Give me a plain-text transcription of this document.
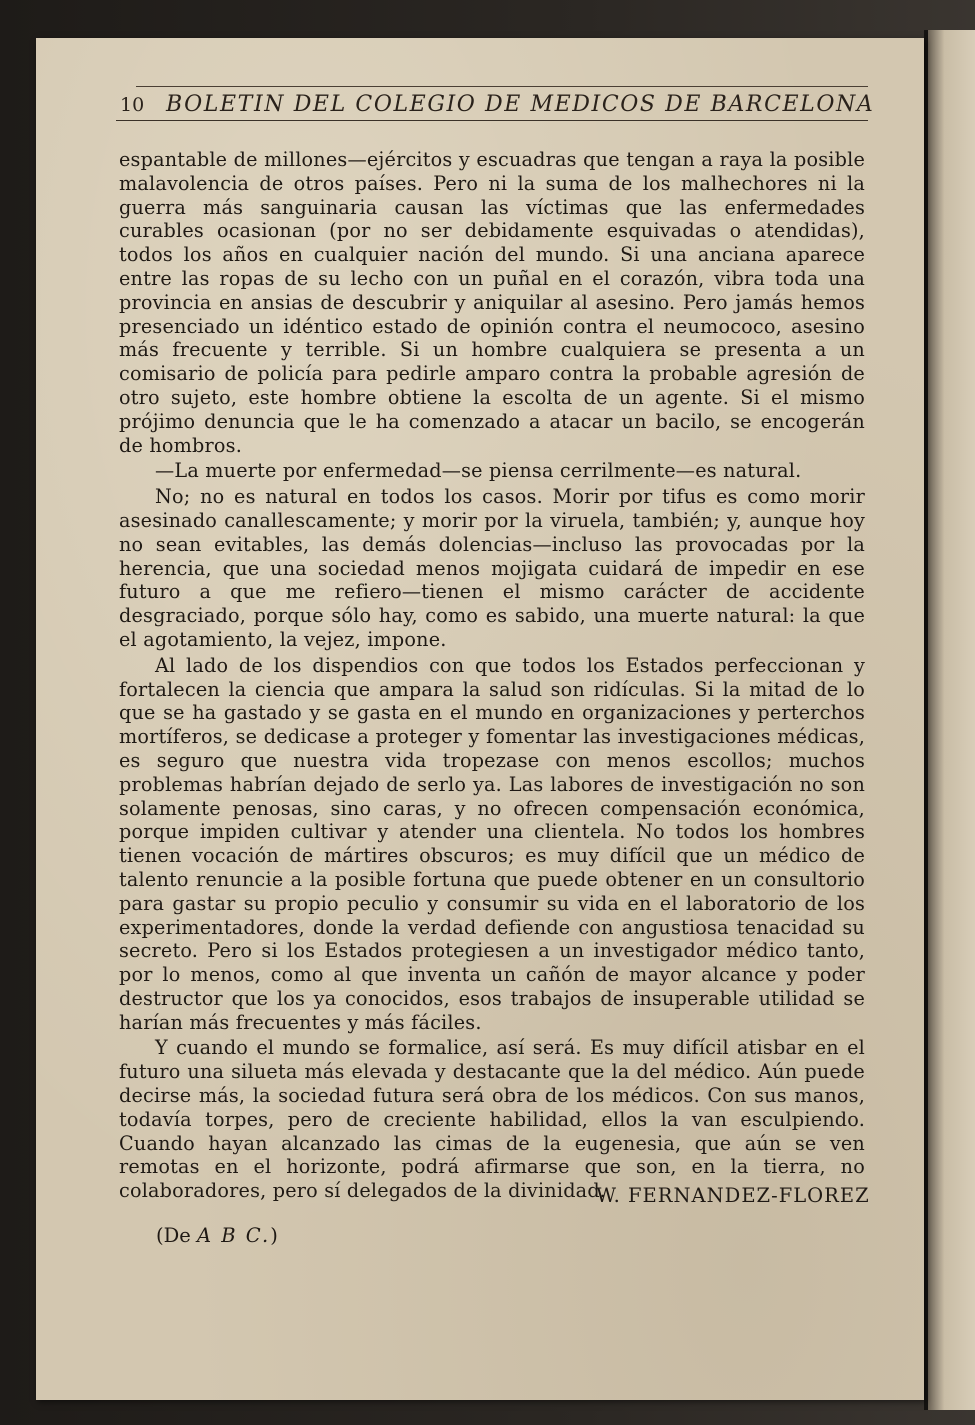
10 BOLETIN DEL COLEGIO DE MEDICOS DE BARCELONA

espantable de millones—ejércitos y escuadras que tengan a raya la posible malavolencia de otros países. Pero ni la suma de los malhechores ni la guerra más sanguinaria causan las víctimas que las enfermedades curables ocasionan (por no ser debidamente esquivadas o atendidas), todos los años en cualquier nación del mundo. Si una anciana aparece entre las ropas de su lecho con un puñal en el corazón, vibra toda una provincia en ansias de descubrir y aniquilar al asesino. Pero jamás hemos presenciado un idéntico estado de opinión contra el neumococo, asesino más frecuente y terrible. Si un hombre cualquiera se presenta a un comisario de policía para pedirle amparo contra la probable agresión de otro sujeto, este hombre obtiene la escolta de un agente. Si el mismo prójimo denuncia que le ha comenzado a atacar un bacilo, se encogerán de hombros.

—La muerte por enfermedad—se piensa cerrilmente—es natural.

No; no es natural en todos los casos. Morir por tifus es como morir asesinado canallescamente; y morir por la viruela, también; y, aunque hoy no sean evitables, las demás dolencias—incluso las provocadas por la herencia, que una sociedad menos mojigata cuidará de impedir en ese futuro a que me refiero—tienen el mismo carácter de accidente desgraciado, porque sólo hay, como es sabido, una muerte natural: la que el agotamiento, la vejez, impone.

Al lado de los dispendios con que todos los Estados perfeccionan y fortalecen la ciencia que ampara la salud son ridículas. Si la mitad de lo que se ha gastado y se gasta en el mundo en organizaciones y perterchos mortíferos, se dedicase a proteger y fomentar las investigaciones médicas, es seguro que nuestra vida tropezase con menos escollos; muchos problemas habrían dejado de serlo ya. Las labores de investigación no son solamente penosas, sino caras, y no ofrecen compensación económica, porque impiden cultivar y atender una clientela. No todos los hombres tienen vocación de mártires obscuros; es muy difícil que un médico de talento renuncie a la posible fortuna que puede obtener en un consultorio para gastar su propio peculio y consumir su vida en el laboratorio de los experimentadores, donde la verdad defiende con angustiosa tenacidad su secreto. Pero si los Estados protegiesen a un investigador médico tanto, por lo menos, como al que inventa un cañón de mayor alcance y poder destructor que los ya conocidos, esos trabajos de insuperable utilidad se harían más frecuentes y más fáciles.

Y cuando el mundo se formalice, así será. Es muy difícil atisbar en el futuro una silueta más elevada y destacante que la del médico. Aún puede decirse más, la sociedad futura será obra de los médicos. Con sus manos, todavía torpes, pero de creciente habilidad, ellos la van esculpiendo. Cuando hayan alcanzado las cimas de la eugenesia, que aún se ven remotas en el horizonte, podrá afirmarse que son, en la tierra, no colaboradores, pero sí delegados de la divinidad.

W. FERNANDEZ-FLOREZ
(De A B C.)
